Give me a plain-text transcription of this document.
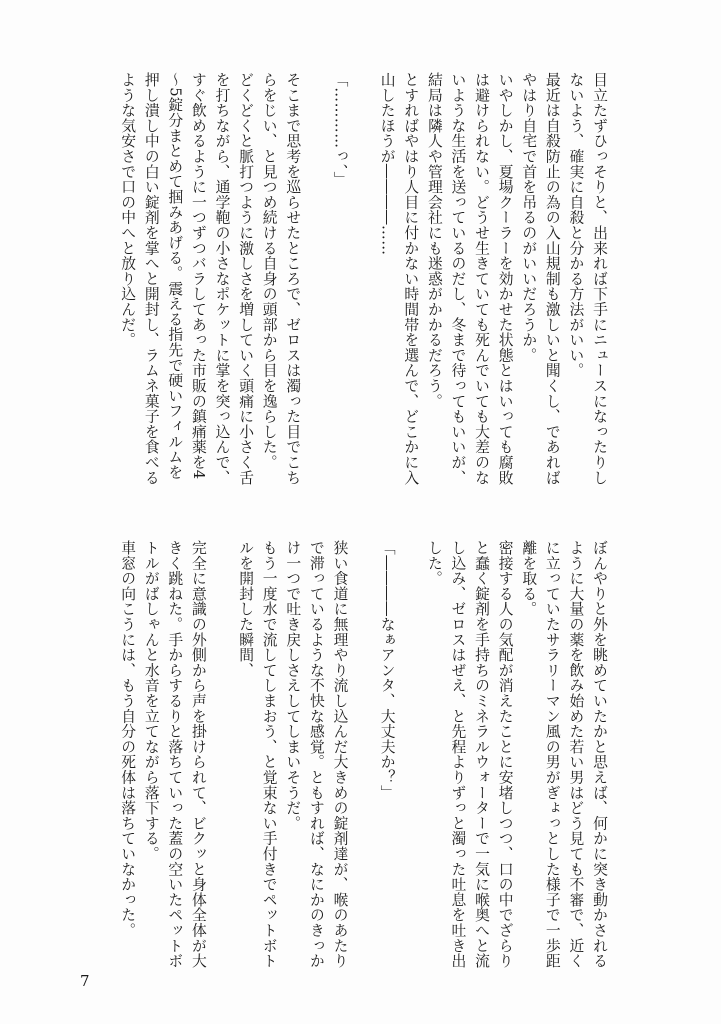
目立たずひっそりと、出来れば下手にニュースになったりしないよう、確実に自殺と分かる方法がいい。

最近は自殺防止の為の入山規制も激しいと聞くし、であればやはり自宅で首を吊るのがいいだろうか。

いやしかし、夏場クーラーを効かせた状態とはいっても腐敗は避けられない。どうせ生きていても死んでいても大差のないような生活を送っているのだし、冬まで待ってもいいが、結局は隣人や管理会社にも迷惑がかかるだろう。

とすればやはり人目に付かない時間帯を選んで、どこかに入山したほうが――――……

「…………っ、」

そこまで思考を巡らせたところで、ゼロスは濁った目でこちらをじい、と見つめ続ける自身の頭部から目を逸らした。

どくどくと脈打つように激しさを増していく頭痛に小さく舌を打ちながら、通学鞄の小さなポケットに掌を突っ込んで、すぐ飲めるように一つずつバラしてあった市販の鎮痛薬を4～5錠分まとめて掴みあげる。震える指先で硬いフィルムを押し潰し中の白い錠剤を掌へと開封し、ラムネ菓子を食べるような気安さで口の中へと放り込んだ。

ぼんやりと外を眺めていたかと思えば、何かに突き動かされるように大量の薬を飲み始めた若い男はどう見ても不審で、近くに立っていたサラリーマン風の男がぎょっとした様子で一歩距離を取る。

密接する人の気配が消えたことに安堵しつつ、口の中でざらりと蠢く錠剤を手持ちのミネラルウォーターで一気に喉奥へと流し込み、ゼロスはぜえ、と先程よりずっと濁った吐息を吐き出した。

「――――なぁアンタ、大丈夫か？」

狭い食道に無理やり流し込んだ大きめの錠剤達が、喉のあたりで滞っているような不快な感覚。ともすれば、なにかのきっかけ一つで吐き戻しさえしてしまいそうだ。

もう一度水で流してしまおう、と覚束ない手付きでペットボトルを開封した瞬間、

完全に意識の外側から声を掛けられて、ビクッと身体全体が大きく跳ねた。手からするりと落ちていった蓋の空いたペットボトルがばしゃんと水音を立てながら落下する。

車窓の向こうには、もう自分の死体は落ちていなかった。

7
